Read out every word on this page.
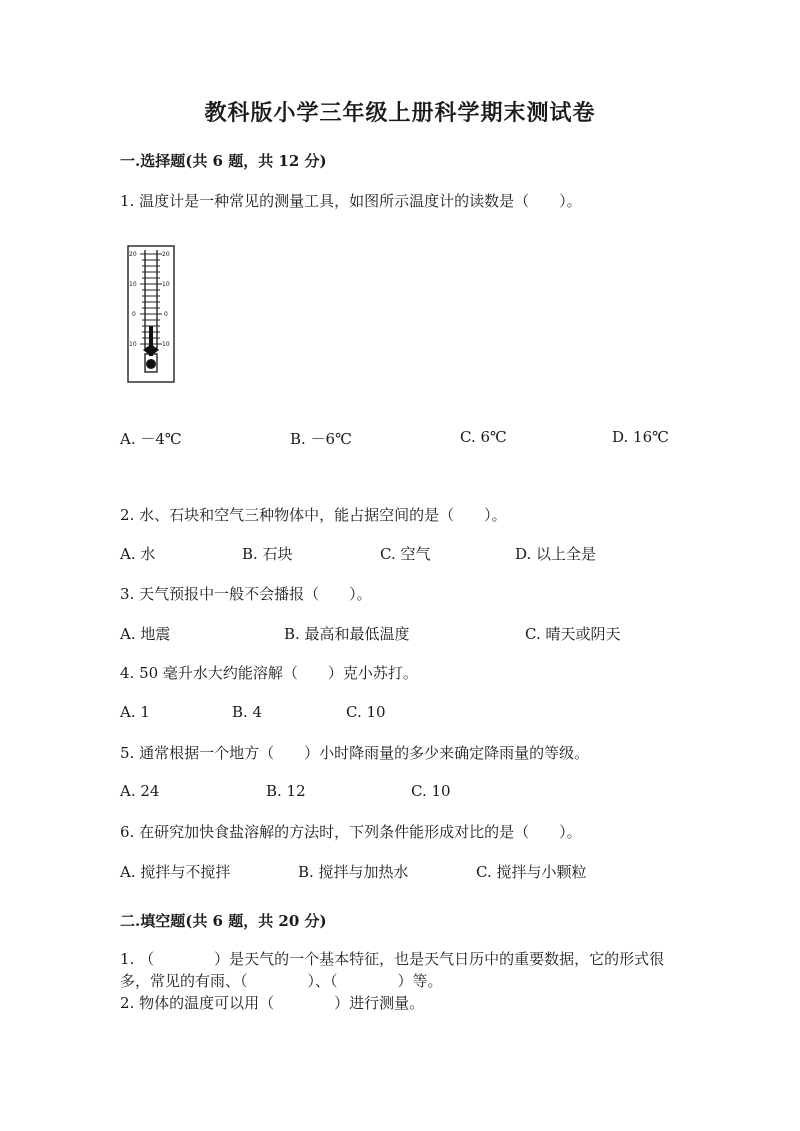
教科版小学三年级上册科学期末测试卷
一.选择题(共 6 题，共 12 分)
1. 温度计是一种常见的测量工具，如图所示温度计的读数是（　　）。
20	20
10	10
0	0
10	10
A. －4℃	B. －6℃	C. 6℃	D. 16℃
2. 水、石块和空气三种物体中，能占据空间的是（　　）。
A. 水	B. 石块	C. 空气	D. 以上全是
3. 天气预报中一般不会播报（　　）。
A. 地震	B. 最高和最低温度	C. 晴天或阴天
4. 50 毫升水大约能溶解（　　）克小苏打。
A. 1	B. 4	C. 10
5. 通常根据一个地方（　　）小时降雨量的多少来确定降雨量的等级。
A. 24	B. 12	C. 10
6. 在研究加快食盐溶解的方法时，下列条件能形成对比的是（　　）。
A. 搅拌与不搅拌	B. 搅拌与加热水	C. 搅拌与小颗粒
二.填空题(共 6 题，共 20 分)
1. （　　　　）是天气的一个基本特征，也是天气日历中的重要数据，它的形式很多，常见的有雨、（　　　　）、（　　　　）等。
2. 物体的温度可以用（　　　　）进行测量。
